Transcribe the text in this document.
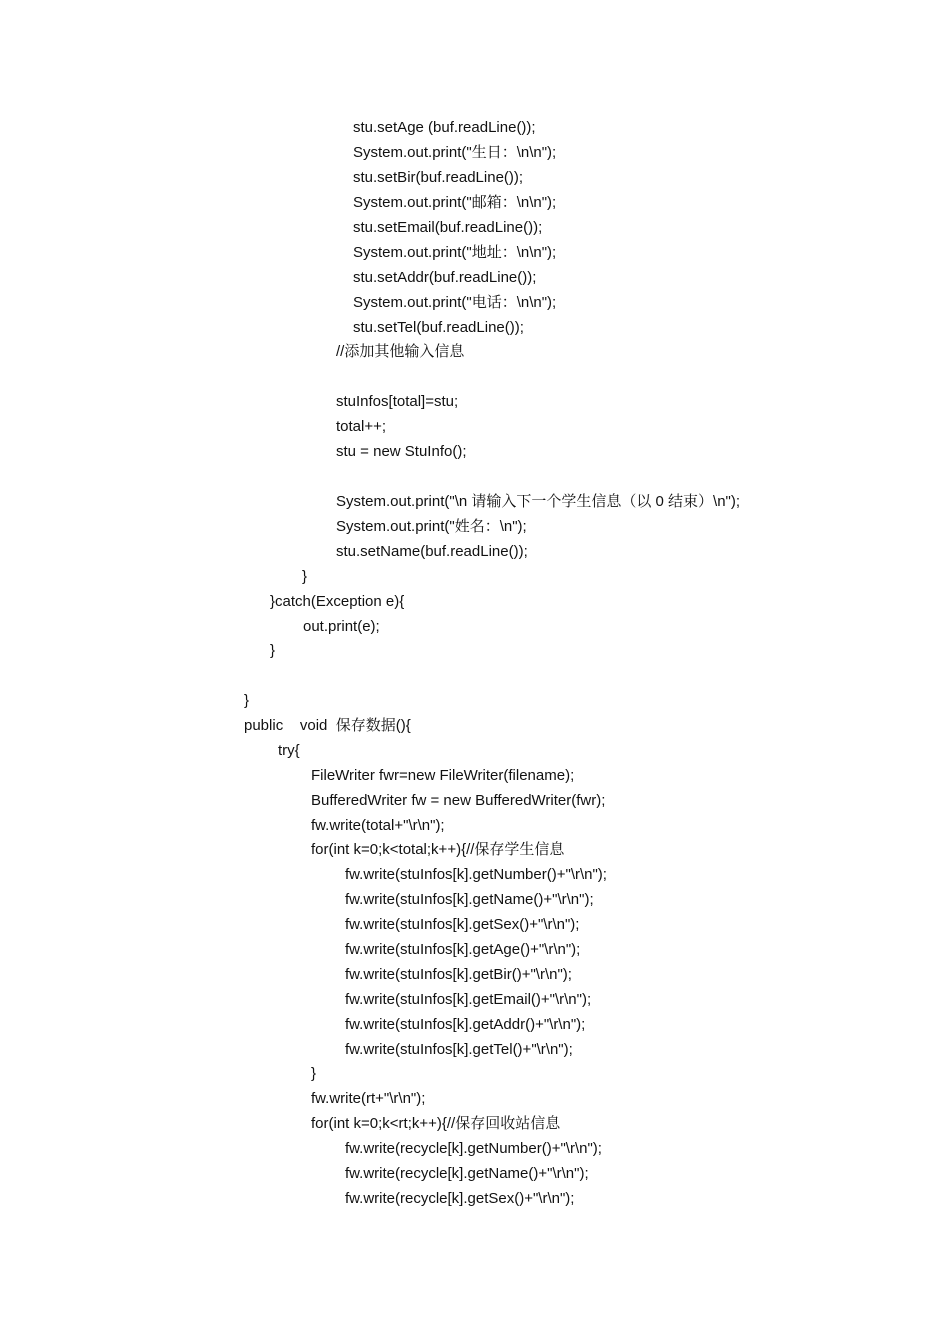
stu.setAge (buf.readLine());
System.out.print("生日：\n\n");
stu.setBir(buf.readLine());
System.out.print("邮箱：\n\n");
stu.setEmail(buf.readLine());
System.out.print("地址：\n\n");
stu.setAddr(buf.readLine());
System.out.print("电话：\n\n");
stu.setTel(buf.readLine());
//添加其他输入信息
stuInfos[total]=stu;
total++;
stu = new StuInfo();
System.out.print("\n 请输入下一个学生信息（以 0 结束）\n");
System.out.print("姓名：\n");
stu.setName(buf.readLine());
}
}catch(Exception e){
out.print(e);
}
}
public    void  保存数据(){
try{
FileWriter fwr=new FileWriter(filename);
BufferedWriter fw = new BufferedWriter(fwr);
fw.write(total+"\r\n");
for(int k=0;k<total;k++){//保存学生信息
fw.write(stuInfos[k].getNumber()+"\r\n");
fw.write(stuInfos[k].getName()+"\r\n");
fw.write(stuInfos[k].getSex()+"\r\n");
fw.write(stuInfos[k].getAge()+"\r\n");
fw.write(stuInfos[k].getBir()+"\r\n");
fw.write(stuInfos[k].getEmail()+"\r\n");
fw.write(stuInfos[k].getAddr()+"\r\n");
fw.write(stuInfos[k].getTel()+"\r\n");
}
fw.write(rt+"\r\n");
for(int k=0;k<rt;k++){//保存回收站信息
fw.write(recycle[k].getNumber()+"\r\n");
fw.write(recycle[k].getName()+"\r\n");
fw.write(recycle[k].getSex()+"\r\n");
